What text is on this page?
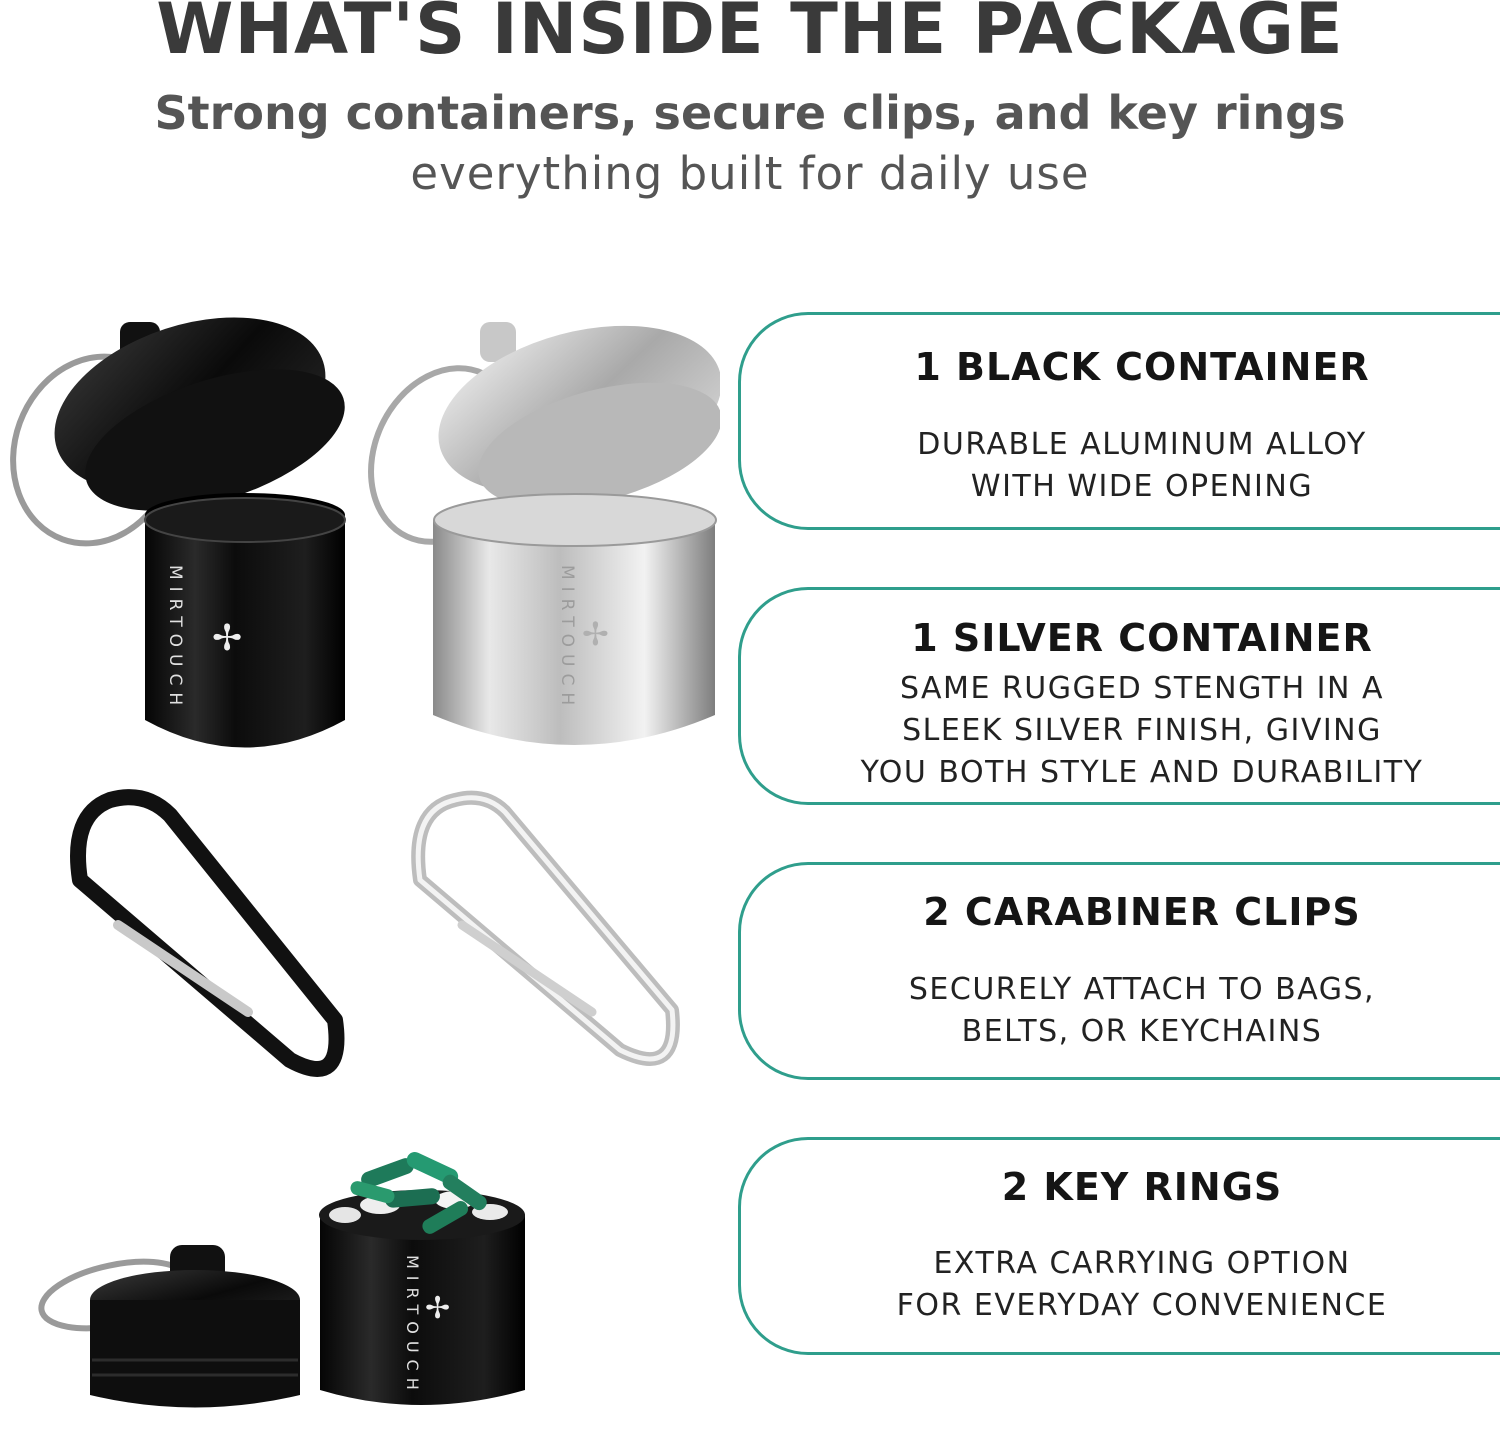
WHAT'S INSIDE THE PACKAGE
Strong containers, secure clips, and key rings

everything built for daily use

MIRTOUCH ✢	MIRTOUCH ✢
MIRTOUCH ✢
1 BLACK CONTAINER
DURABLE ALUMINUM ALLOY
WITH WIDE OPENING
1 SILVER CONTAINER
SAME RUGGED STENGTH IN A
SLEEK SILVER FINISH, GIVING
YOU BOTH STYLE AND DURABILITY
2 CARABINER CLIPS
SECURELY ATTACH TO BAGS,
BELTS, OR KEYCHAINS
2 KEY RINGS
EXTRA CARRYING OPTION
FOR EVERYDAY CONVENIENCE
